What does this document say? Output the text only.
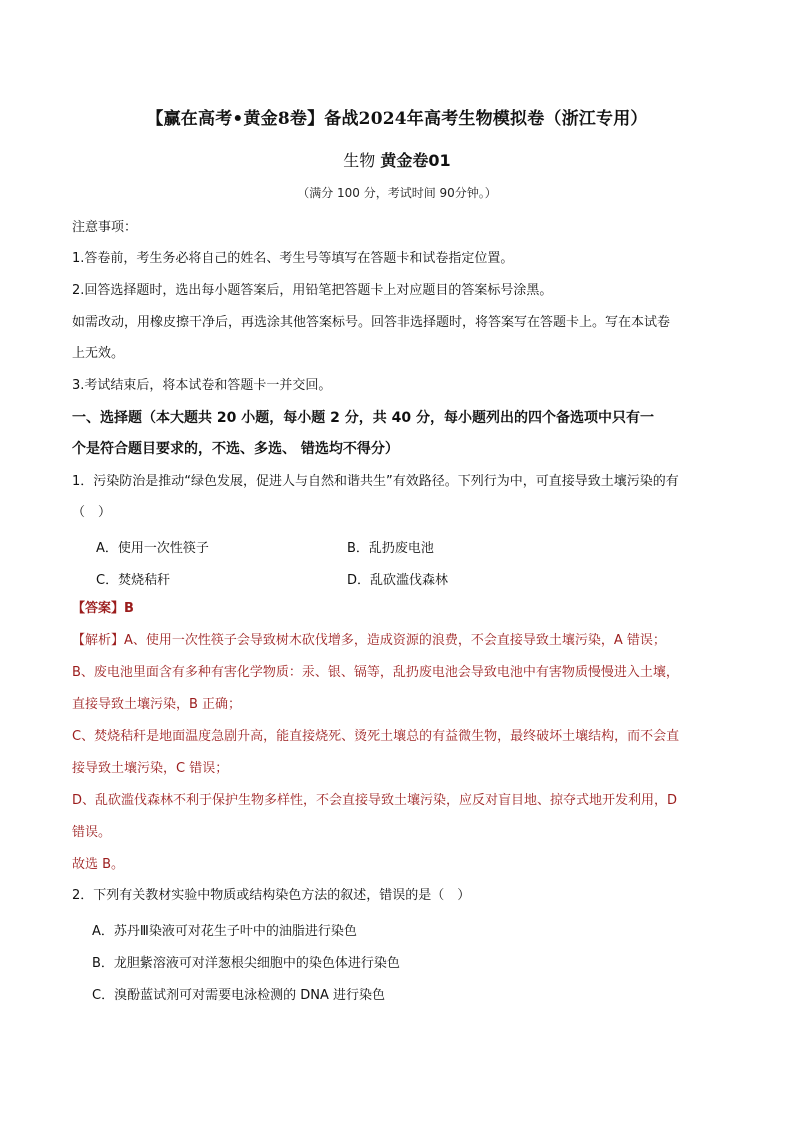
【赢在高考•黄金8卷】备战2024年高考生物模拟卷（浙江专用）
生物 黄金卷01
（满分 100 分，考试时间 90分钟。）
注意事项：
1.答卷前，考生务必将自己的姓名、考生号等填写在答题卡和试卷指定位置。
2.回答选择题时，选出每小题答案后，用铅笔把答题卡上对应题目的答案标号涂黑。
如需改动，用橡皮擦干净后，再选涂其他答案标号。回答非选择题时，将答案写在答题卡上。写在本试卷
上无效。
3.考试结束后，将本试卷和答题卡一并交回。
一、选择题（本大题共 20 小题，每小题 2 分，共 40 分，每小题列出的四个备选项中只有一
个是符合题目要求的，不选、多选、 错选均不得分）
1．污染防治是推动“绿色发展，促进人与自然和谐共生”有效路径。下列行为中，可直接导致土壤污染的有
（　）
A．使用一次性筷子	B．乱扔废电池
C．焚烧秸秆	D．乱砍滥伐森林
【答案】B
【解析】A、使用一次性筷子会导致树木砍伐增多，造成资源的浪费，不会直接导致土壤污染，A 错误；
B、废电池里面含有多种有害化学物质：汞、银、镉等，乱扔废电池会导致电池中有害物质慢慢进入土壤，
直接导致土壤污染，B 正确；
C、焚烧秸秆是地面温度急剧升高，能直接烧死、烫死土壤总的有益微生物，最终破坏土壤结构，而不会直
接导致土壤污染，C 错误；
D、乱砍滥伐森林不利于保护生物多样性，不会直接导致土壤污染，应反对盲目地、掠夺式地开发利用，D
错误。
故选 B。
2．下列有关教材实验中物质或结构染色方法的叙述，错误的是（　）
A．苏丹Ⅲ染液可对花生子叶中的油脂进行染色
B．龙胆紫溶液可对洋葱根尖细胞中的染色体进行染色
C．溴酚蓝试剂可对需要电泳检测的 DNA 进行染色
